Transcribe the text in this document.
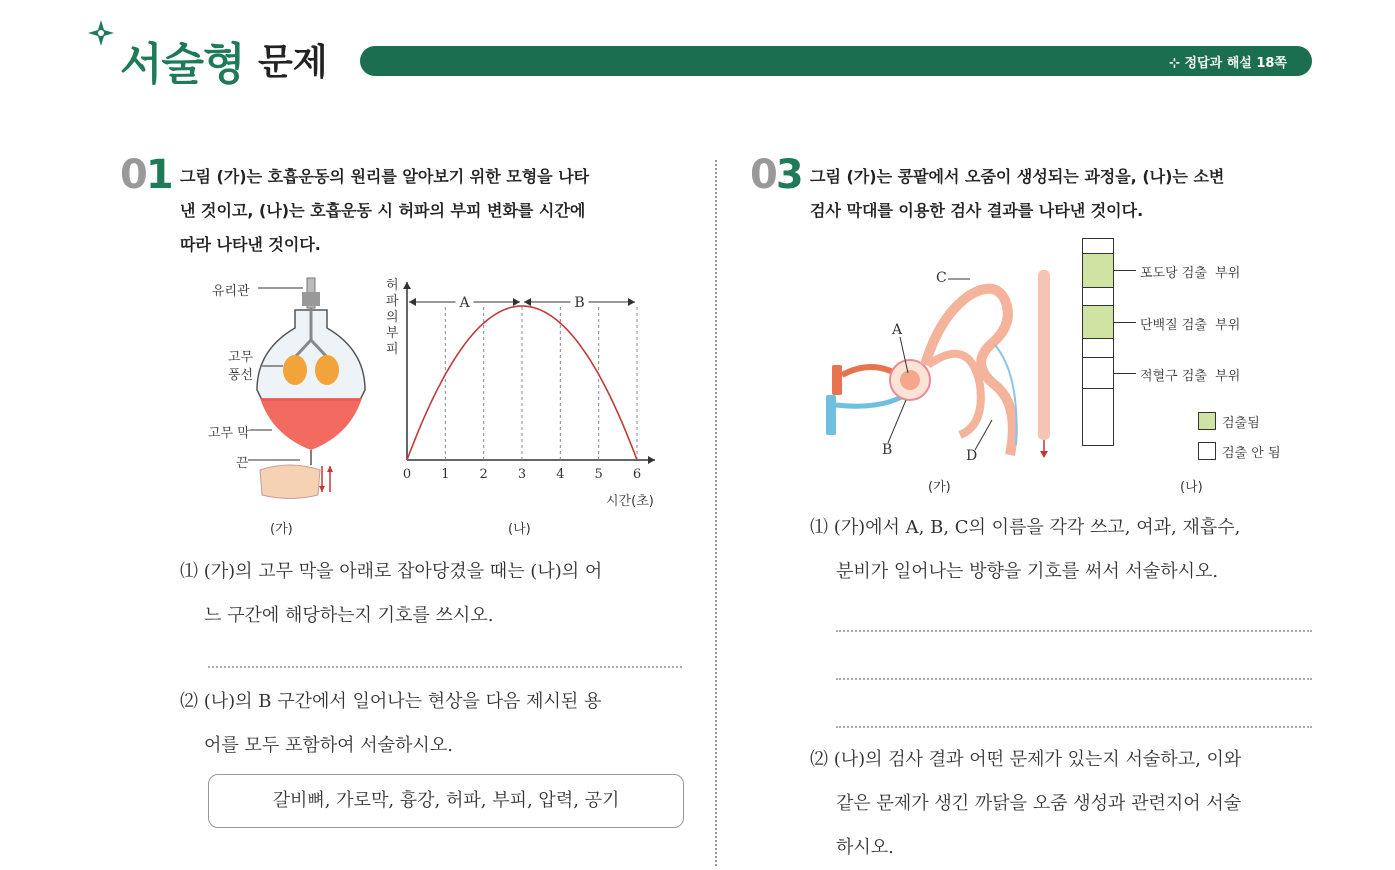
서술형 문제	⊹ 정답과 해설 18쪽
01 그림 (가)는 호흡운동의 원리를 알아보기 위한 모형을 나타
낸 것이고, (나)는 호흡운동 시 허파의 부피 변화를 시간에
따라 나타낸 것이다.
유리관
고무
풍선
고무 막
끈
(가)
0 1 2 3 4 5 6
A	B
허파의 부피
시간(초)
(나)
⑴ (가)의 고무 막을 아래로 잡아당겼을 때는 (나)의 어
느 구간에 해당하는지 기호를 쓰시오.
⑵ (나)의 B 구간에서 일어나는 현상을 다음 제시된 용
어를 모두 포함하여 서술하시오.
갈비뼈, 가로막, 흉강, 허파, 부피, 압력, 공기
03 그림 (가)는 콩팥에서 오줌이 생성되는 과정을, (나)는 소변
검사 막대를 이용한 검사 결과를 나타낸 것이다.
C
A
B	D
(가)
포도당 검출  부위
단백질 검출  부위
적혈구 검출  부위
검출됨
검출 안 됨
(나)
⑴ (가)에서 A, B, C의 이름을 각각 쓰고, 여과, 재흡수,
분비가 일어나는 방향을 기호를 써서 서술하시오.
⑵ (나)의 검사 결과 어떤 문제가 있는지 서술하고, 이와
같은 문제가 생긴 까닭을 오줌 생성과 관련지어 서술
하시오.
